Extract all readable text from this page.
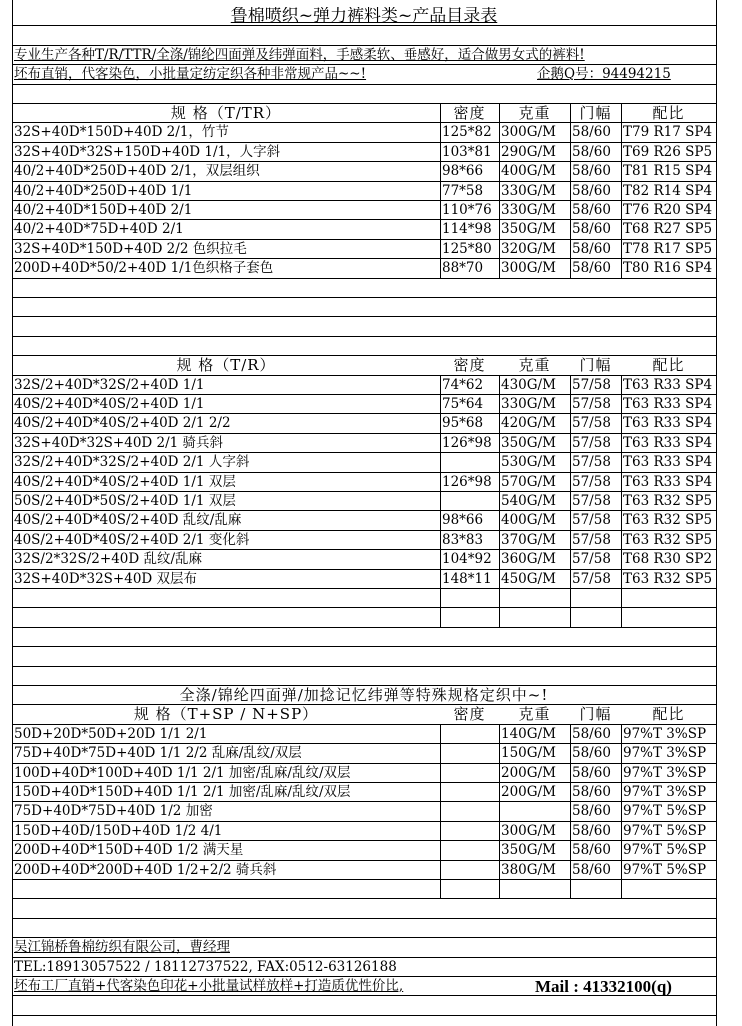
鲁棉喷织~弹力裤料类~产品目录表
专业生产各种T/R/TTR/全涤/锦纶四面弹及纬弹面料，手感柔软、垂感好，适合做男女式的裤料!
坯布直销，代客染色，小批量定纺定织各种非常规产品~~!	企鹅Q号：94494215
规 格（T/TR）	密度	克重	门幅	配比
32S+40D*150D+40D 2/1，竹节	125*82 300G/M	58/60 T79 R17 SP4
32S+40D*32S+150D+40D 1/1，人字斜	103*81 290G/M	58/60 T69 R26 SP5
40/2+40D*250D+40D 2/1，双层组织	98*66	400G/M	58/60 T81 R15 SP4
40/2+40D*250D+40D 1/1	77*58	330G/M	58/60 T82 R14 SP4
40/2+40D*150D+40D 2/1	110*76 330G/M	58/60 T76 R20 SP4
40/2+40D*75D+40D 2/1	114*98 350G/M	58/60 T68 R27 SP5
32S+40D*150D+40D 2/2 色织拉毛	125*80 320G/M	58/60 T78 R17 SP5
200D+40D*50/2+40D 1/1色织格子套色	88*70	300G/M	58/60 T80 R16 SP4
规 格（T/R）	密度	克重	门幅	配比
32S/2+40D*32S/2+40D 1/1	74*62	430G/M	57/58 T63 R33 SP4
40S/2+40D*40S/2+40D 1/1	75*64	330G/M	57/58 T63 R33 SP4
40S/2+40D*40S/2+40D 2/1 2/2	95*68	420G/M	57/58 T63 R33 SP4
32S+40D*32S+40D 2/1 骑兵斜	126*98 350G/M	57/58 T63 R33 SP4
32S/2+40D*32S/2+40D 2/1 人字斜	530G/M	57/58 T63 R33 SP4
40S/2+40D*40S/2+40D 1/1 双层	126*98 570G/M	57/58 T63 R33 SP4
50S/2+40D*50S/2+40D 1/1 双层	540G/M	57/58 T63 R32 SP5
40S/2+40D*40S/2+40D 乱纹/乱麻	98*66	400G/M	57/58 T63 R32 SP5
40S/2+40D*40S/2+40D 2/1 变化斜	83*83	370G/M	57/58 T63 R32 SP5
32S/2*32S/2+40D 乱纹/乱麻	104*92 360G/M	57/58 T68 R30 SP2
32S+40D*32S+40D 双层布	148*11 450G/M	57/58 T63 R32 SP5
全涤/锦纶四面弹/加捻记忆纬弹等特殊规格定织中~!
规 格（T+SP / N+SP）	密度	克重	门幅	配比
50D+20D*50D+20D 1/1 2/1	140G/M	58/60 97%T 3%SP
75D+40D*75D+40D 1/1 2/2 乱麻/乱纹/双层	150G/M	58/60 97%T 3%SP
100D+40D*100D+40D 1/1 2/1 加密/乱麻/乱纹/双层	200G/M	58/60 97%T 3%SP
150D+40D*150D+40D 1/1 2/1 加密/乱麻/乱纹/双层	200G/M	58/60 97%T 3%SP
75D+40D*75D+40D 1/2 加密	58/60 97%T 5%SP
150D+40D/150D+40D 1/2 4/1	300G/M	58/60 97%T 5%SP
200D+40D*150D+40D 1/2 满天星	350G/M	58/60 97%T 5%SP
200D+40D*200D+40D 1/2+2/2 骑兵斜	380G/M	58/60 97%T 5%SP
吴江锦桥鲁棉纺织有限公司，曹经理
TEL:18913057522 / 18112737522, FAX:0512-63126188
坯布工厂直销+代客染色印花+小批量试样放样+打造质优性价比,	Mail : 41332100(q)
